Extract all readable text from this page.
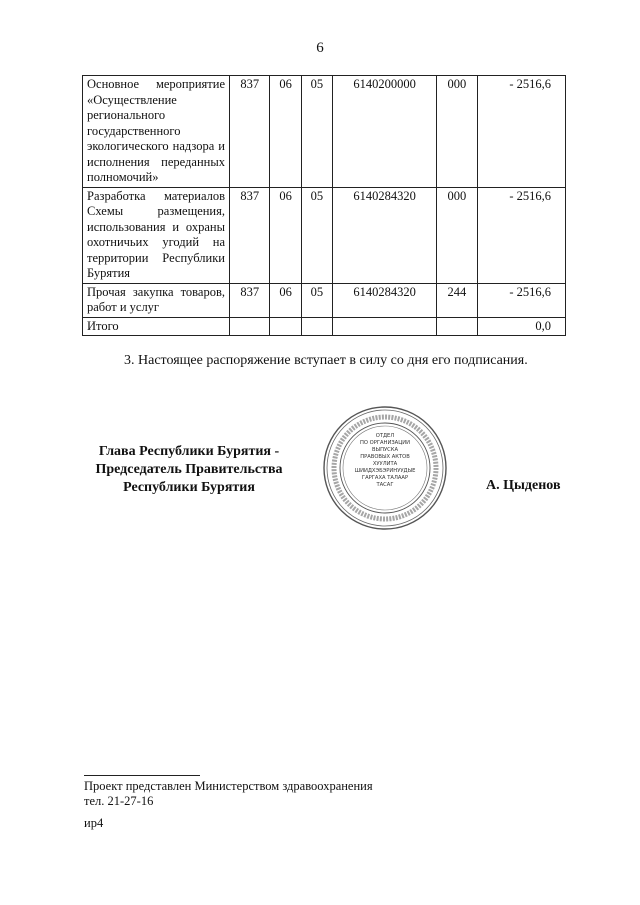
6
Основное мероприятие «Осуществление регионального государственного экологического надзора и исполнения переданных полномочий»	837	06	05	6140200000	000	- 2516,6
Разработка материалов Схемы размещения, использования и охраны охотничьих угодий на территории Республики Бурятия	837	06	05	6140284320	000	- 2516,6
Прочая закупка товаров, работ и услуг	837	06	05	6140284320	244	- 2516,6
Итого						0,0
3. Настоящее распоряжение вступает в силу со дня его подписания.
Глава Республики Бурятия -
Председатель Правительства
Республики Бурятия
ОТДЕЛ
ПО ОРГАНИЗАЦИИ
ВЫПУСКА
ПРАВОВЫХ АКТОВ
ХУУЛИТА
ШИИДХЭБЭРИНУУДЫЕ
ГАРГАХА ТАЛААР
ТАСАГ	А. Цыденов
Проект представлен Министерством здравоохранения
тел. 21-27-16
ир4
